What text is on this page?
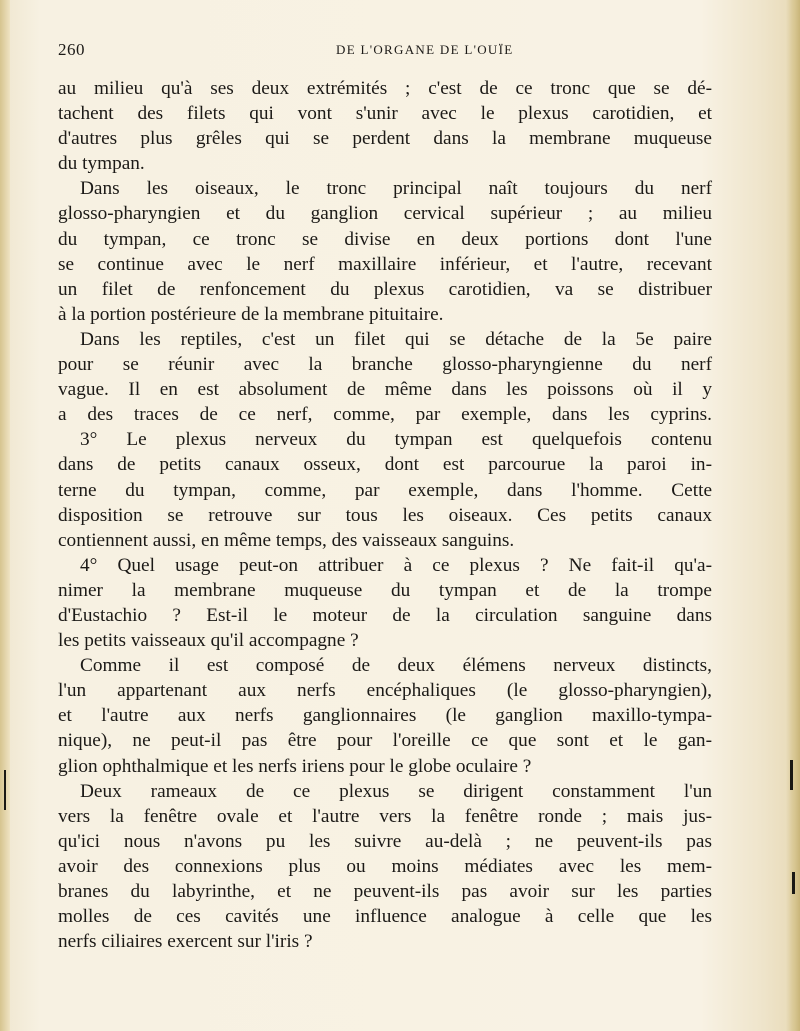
260	DE L'ORGANE DE L'OUÏE
au milieu qu'à ses deux extrémités ; c'est de ce tronc que se dé-
tachent des filets qui vont s'unir avec le plexus carotidien, et
d'autres plus grêles qui se perdent dans la membrane muqueuse
du tympan.
Dans les oiseaux, le tronc principal naît toujours du nerf
glosso-pharyngien et du ganglion cervical supérieur ; au milieu
du tympan, ce tronc se divise en deux portions dont l'une
se continue avec le nerf maxillaire inférieur, et l'autre, recevant
un filet de renfoncement du plexus carotidien, va se distribuer
à la portion postérieure de la membrane pituitaire.
Dans les reptiles, c'est un filet qui se détache de la 5e paire
pour se réunir avec la branche glosso-pharyngienne du nerf
vague. Il en est absolument de même dans les poissons où il y
a des traces de ce nerf, comme, par exemple, dans les cyprins.
3° Le plexus nerveux du tympan est quelquefois contenu
dans de petits canaux osseux, dont est parcourue la paroi in-
terne du tympan, comme, par exemple, dans l'homme. Cette
disposition se retrouve sur tous les oiseaux. Ces petits canaux
contiennent aussi, en même temps, des vaisseaux sanguins.
4° Quel usage peut-on attribuer à ce plexus ? Ne fait-il qu'a-
nimer la membrane muqueuse du tympan et de la trompe
d'Eustachio ? Est-il le moteur de la circulation sanguine dans
les petits vaisseaux qu'il accompagne ?
Comme il est composé de deux élémens nerveux distincts,
l'un appartenant aux nerfs encéphaliques (le glosso-pharyngien),
et l'autre aux nerfs ganglionnaires (le ganglion maxillo-tympa-
nique), ne peut-il pas être pour l'oreille ce que sont et le gan-
glion ophthalmique et les nerfs iriens pour le globe oculaire ?
Deux rameaux de ce plexus se dirigent constamment l'un
vers la fenêtre ovale et l'autre vers la fenêtre ronde ; mais jus-
qu'ici nous n'avons pu les suivre au-delà ; ne peuvent-ils pas
avoir des connexions plus ou moins médiates avec les mem-
branes du labyrinthe, et ne peuvent-ils pas avoir sur les parties
molles de ces cavités une influence analogue à celle que les
nerfs ciliaires exercent sur l'iris ?
